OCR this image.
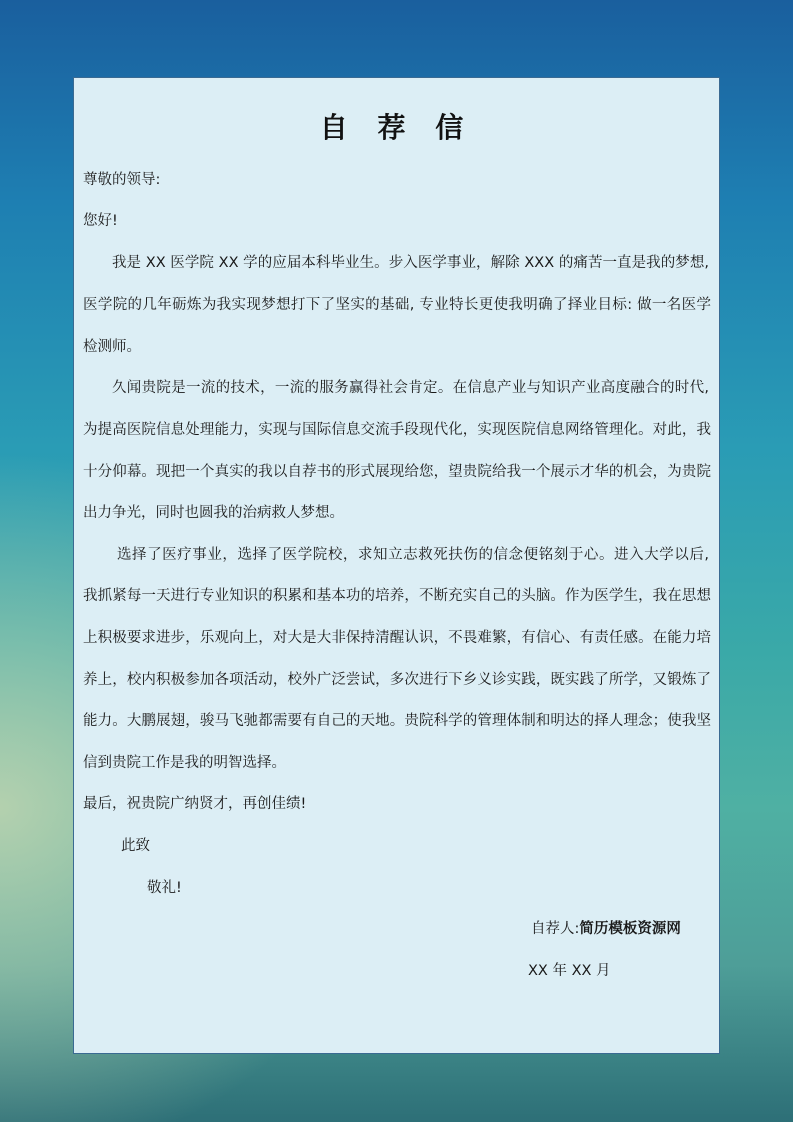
自 荐 信
尊敬的领导:
您好!
我是 XX 医学院 XX 学的应届本科毕业生。步入医学事业，解除 XXX 的痛苦一直是我的梦想,
医学院的几年砺炼为我实现梦想打下了坚实的基础, 专业特长更使我明确了择业目标: 做一名医学
检测师。
久闻贵院是一流的技术，一流的服务赢得社会肯定。在信息产业与知识产业高度融合的时代,
为提高医院信息处理能力，实现与国际信息交流手段现代化，实现医院信息网络管理化。对此，我
十分仰幕。现把一个真实的我以自荐书的形式展现给您，望贵院给我一个展示才华的机会，为贵院
出力争光，同时也圆我的治病救人梦想。
选择了医疗事业，选择了医学院校，求知立志救死扶伤的信念便铭刻于心。进入大学以后,
我抓紧每一天进行专业知识的积累和基本功的培养，不断充实自己的头脑。作为医学生，我在思想
上积极要求进步，乐观向上，对大是大非保持清醒认识，不畏难繁，有信心、有责任感。在能力培
养上，校内积极参加各项活动，校外广泛尝试，多次进行下乡义诊实践，既实践了所学，又锻炼了
能力。大鹏展翅，骏马飞驰都需要有自己的天地。贵院科学的管理体制和明达的择人理念；使我坚
信到贵院工作是我的明智选择。
最后，祝贵院广纳贤才，再创佳绩!
此致
敬礼!
自荐人:简历模板资源网
XX 年 XX 月
